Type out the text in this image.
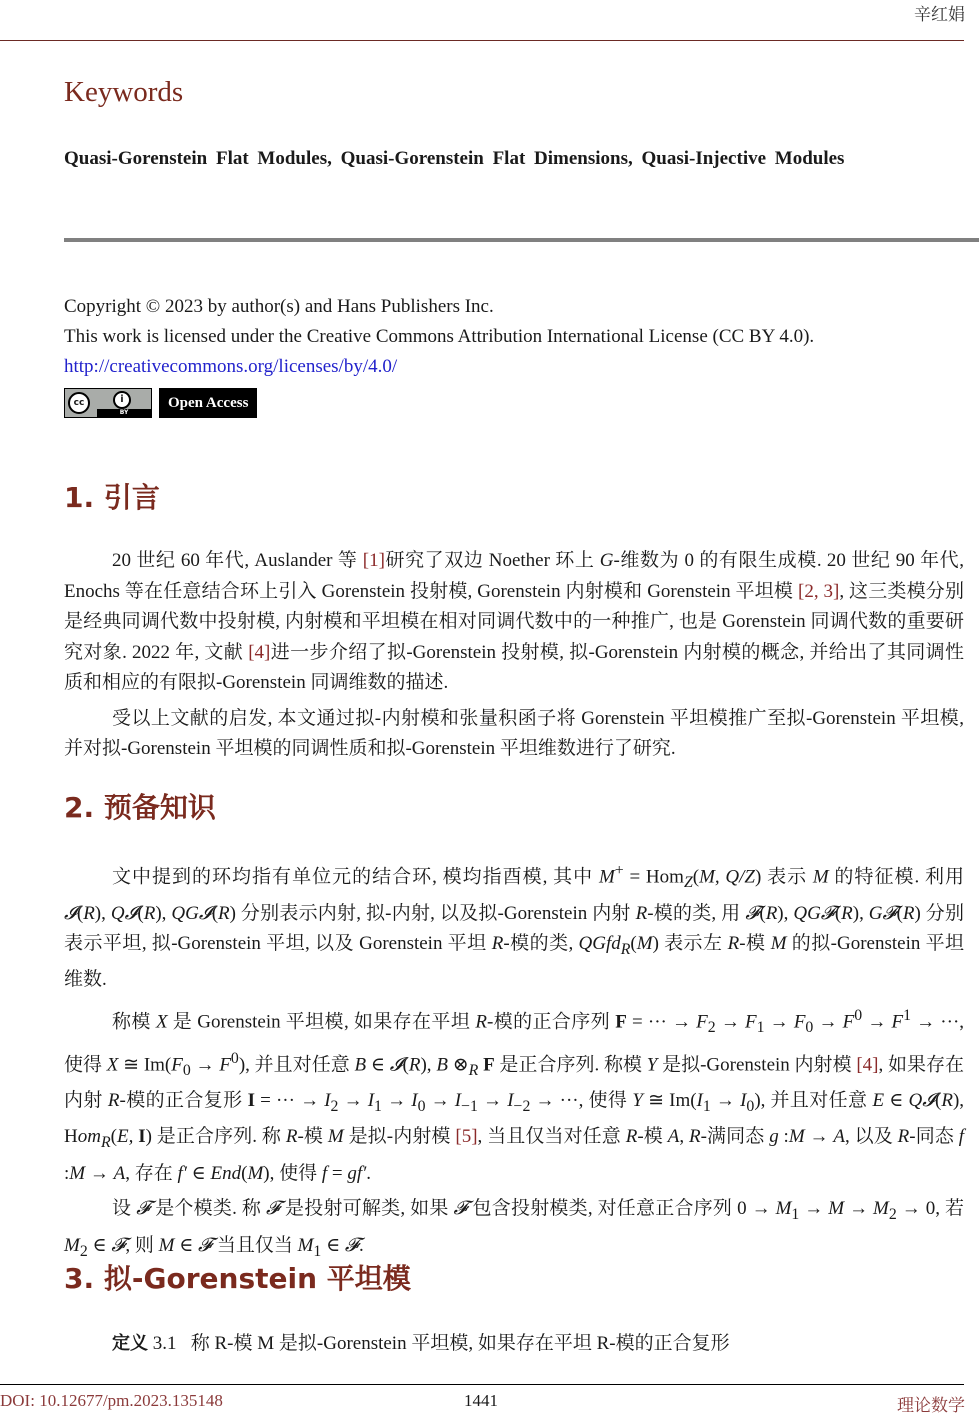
辛红娟
Keywords
Quasi-Gorenstein Flat Modules, Quasi-Gorenstein Flat Dimensions, Quasi-Injective Modules
Copyright © 2023 by author(s) and Hans Publishers Inc.
This work is licensed under the Creative Commons Attribution International License (CC BY 4.0).
http://creativecommons.org/licenses/by/4.0/
cc	i
BY
Open Access
1. 引言

20 世纪 60 年代, Auslander 等 [1]研究了双边 Noether 环上 G-维数为 0 的有限生成模. 20 世纪 90 年代, Enochs 等在任意结合环上引入 Gorenstein 投射模, Gorenstein 内射模和 Gorenstein 平坦模 [2, 3], 这三类模分别是经典同调代数中投射模, 内射模和平坦模在相对同调代数中的一种推广, 也是 Gorenstein 同调代数的重要研究对象. 2022 年, 文献 [4]进一步介绍了拟-Gorenstein 投射模, 拟-Gorenstein 内射模的概念, 并给出了其同调性质和相应的有限拟-Gorenstein 同调维数的描述.

受以上文献的启发, 本文通过拟-内射模和张量积函子将 Gorenstein 平坦模推广至拟-Gorenstein 平坦模, 并对拟-Gorenstein 平坦模的同调性质和拟-Gorenstein 平坦维数进行了研究.

2. 预备知识

文中提到的环均指有单位元的结合环, 模均指酉模, 其中 M+ = Hom$_Z$(M, Q/Z) 表示 M 的特征模. 利用 𝓘(R), Q𝓘(R), QG𝓘(R) 分别表示内射, 拟-内射, 以及拟-Gorenstein 内射 R-模的类, 用 𝓕(R), QG𝓕(R), G𝓕(R) 分别表示平坦, 拟-Gorenstein 平坦, 以及 Gorenstein 平坦 R-模的类, QGfd$_R$(M) 表示左 R-模 M 的拟-Gorenstein 平坦维数.

称模 X 是 Gorenstein 平坦模, 如果存在平坦 R-模的正合序列 F = ··· → $F_2 \to F_1 \to F_0 \to F^0 \to F^1$ → ···, 使得 X ≅ $Im(F_0 \to F^0)$, 并且对任意 B ∈ 𝓘(R), B $\otimes_R$ F 是正合序列. 称模 Y 是拟-Gorenstein 内射模 [4], 如果存在内射 R-模的正合复形 I = ··· → $I_2 \to I_1 \to I_0 \to I_{-1} \to I_{-2}$ → ···, 使得 Y ≅ $Im(I_1 \to I_0)$, 并且对任意 E ∈ Q𝓘(R), Hom$_R$(E, I) 是正合序列. 称 R-模 M 是拟-内射模 [5], 当且仅当对任意 R-模 A, R-满同态 g :M → A, 以及 R-同态 f :M → A, 存在 f′ ∈ End(M), 使得 f = gf′.

设 𝓕 是个模类. 称 𝓕 是投射可解类, 如果 𝓕 包含投射模类, 对任意正合序列 $0 \to M_1 \to M \to M_2 \to 0$, 若 $M_2$ ∈ 𝓕, 则 M ∈ 𝓕 当且仅当 $M_1$ ∈ 𝓕.

3. 拟-Gorenstein 平坦模
定义 3.1 称 R-模 M 是拟-Gorenstein 平坦模, 如果存在平坦 R-模的正合复形
DOI: 10.12677/pm.2023.135148	1441	理论数学
